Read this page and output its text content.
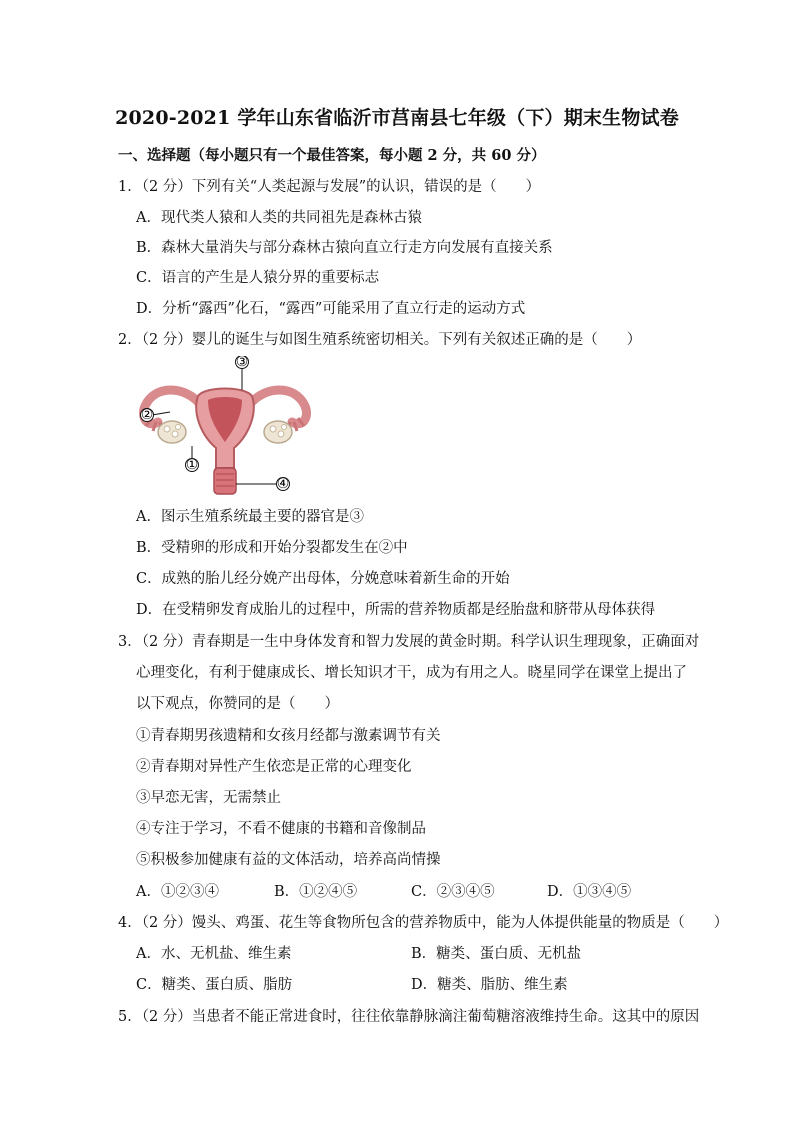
2020-2021 学年山东省临沂市莒南县七年级（下）期末生物试卷
一、选择题（每小题只有一个最佳答案，每小题 2 分，共 60 分）
1．（2 分）下列有关“人类起源与发展”的认识，错误的是（　　）
A．现代类人猿和人类的共同祖先是森林古猿
B．森林大量消失与部分森林古猿向直立行走方向发展有直接关系
C．语言的产生是人猿分界的重要标志
D．分析“露西”化石，“露西”可能采用了直立行走的运动方式
2．（2 分）婴儿的诞生与如图生殖系统密切相关。下列有关叙述正确的是（　　）
③
②
①
④
A．图示生殖系统最主要的器官是③
B．受精卵的形成和开始分裂都发生在②中
C．成熟的胎儿经分娩产出母体，分娩意味着新生命的开始
D．在受精卵发育成胎儿的过程中，所需的营养物质都是经胎盘和脐带从母体获得
3．（2 分）青春期是一生中身体发育和智力发展的黄金时期。科学认识生理现象，正确面对
心理变化，有利于健康成长、增长知识才干，成为有用之人。晓星同学在课堂上提出了
以下观点，你赞同的是（　　）
①青春期男孩遗精和女孩月经都与激素调节有关
②青春期对异性产生依恋是正常的心理变化
③早恋无害，无需禁止
④专注于学习，不看不健康的书籍和音像制品
⑤积极参加健康有益的文体活动，培养高尚情操
A．①②③④	B．①②④⑤	C．②③④⑤	D．①③④⑤
4．（2 分）馒头、鸡蛋、花生等食物所包含的营养物质中，能为人体提供能量的物质是（　　）
A．水、无机盐、维生素	B．糖类、蛋白质、无机盐
C．糖类、蛋白质、脂肪	D．糖类、脂肪、维生素
5．（2 分）当患者不能正常进食时，往往依靠静脉滴注葡萄糖溶液维持生命。这其中的原因
